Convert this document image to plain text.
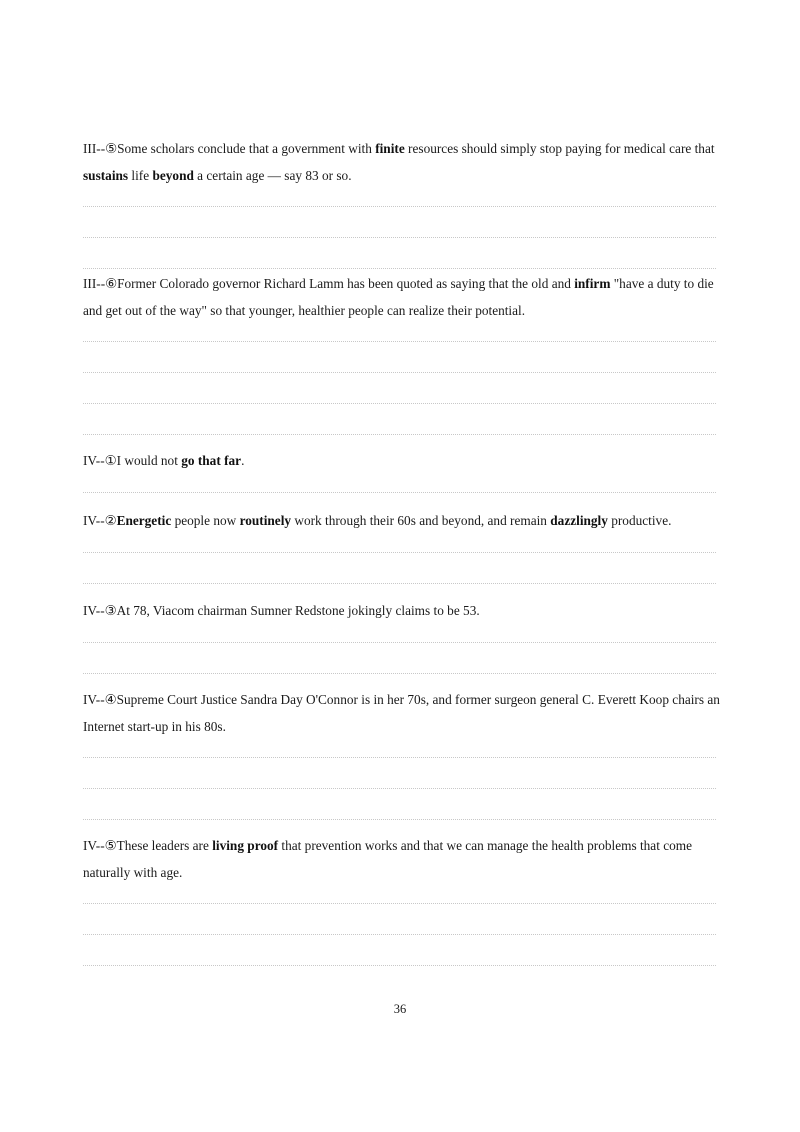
III--⑤Some scholars conclude that a government with finite resources should simply stop paying for medical care that sustains life beyond a certain age — say 83 or so.

III--⑥Former Colorado governor Richard Lamm has been quoted as saying that the old and infirm "have a duty to die and get out of the way" so that younger, healthier people can realize their potential.

IV--①I would not go that far.

IV--②Energetic people now routinely work through their 60s and beyond, and remain dazzlingly productive.

IV--③At 78, Viacom chairman Sumner Redstone jokingly claims to be 53.

IV--④Supreme Court Justice Sandra Day O'Connor is in her 70s, and former surgeon general C. Everett Koop chairs an Internet start-up in his 80s.

IV--⑤These leaders are living proof that prevention works and that we can manage the health problems that come naturally with age.

36
